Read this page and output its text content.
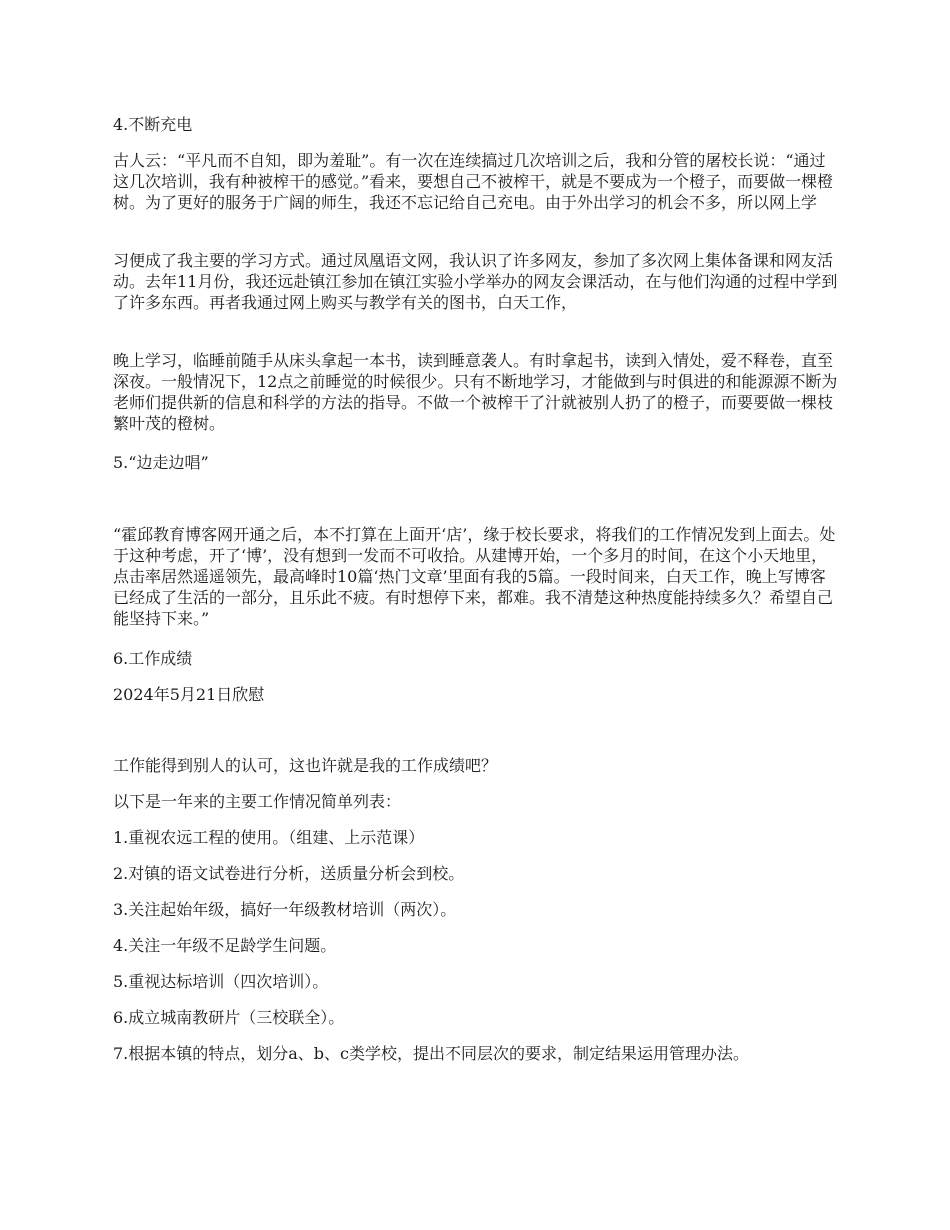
4.不断充电

古人云：“平凡而不自知，即为羞耻”。有一次在连续搞过几次培训之后，我和分管的屠校长说：“通过这几次培训，我有种被榨干的感觉。”看来，要想自己不被榨干，就是不要成为一个橙子，而要做一棵橙树。为了更好的服务于广阔的师生，我还不忘记给自己充电。由于外出学习的机会不多，所以网上学

习便成了我主要的学习方式。通过凤凰语文网，我认识了许多网友，参加了多次网上集体备课和网友活动。去年11月份，我还远赴镇江参加在镇江实验小学举办的网友会课活动，在与他们沟通的过程中学到了许多东西。再者我通过网上购买与教学有关的图书，白天工作，

晚上学习，临睡前随手从床头拿起一本书，读到睡意袭人。有时拿起书，读到入情处，爱不释卷，直至深夜。一般情况下，12点之前睡觉的时候很少。只有不断地学习，才能做到与时俱进的和能源源不断为老师们提供新的信息和科学的方法的指导。不做一个被榨干了汁就被别人扔了的橙子，而要要做一棵枝繁叶茂的橙树。

5.“边走边唱”

“霍邱教育博客网开通之后，本不打算在上面开‘店’，缘于校长要求，将我们的工作情况发到上面去。处于这种考虑，开了‘博’，没有想到一发而不可收拾。从建博开始，一个多月的时间，在这个小天地里，点击率居然遥遥领先，最高峰时10篇‘热门文章’里面有我的5篇。一段时间来，白天工作，晚上写博客已经成了生活的一部分，且乐此不疲。有时想停下来，都难。我不清楚这种热度能持续多久？希望自己能坚持下来。”

6.工作成绩

2024年5月21日欣慰

工作能得到别人的认可，这也许就是我的工作成绩吧？

以下是一年来的主要工作情况简单列表：

1.重视农远工程的使用。（组建、上示范课）

2.对镇的语文试卷进行分析，送质量分析会到校。

3.关注起始年级，搞好一年级教材培训（两次）。

4.关注一年级不足龄学生问题。

5.重视达标培训（四次培训）。

6.成立城南教研片（三校联全）。

7.根据本镇的特点，划分a、b、c类学校，提出不同层次的要求，制定结果运用管理办法。
